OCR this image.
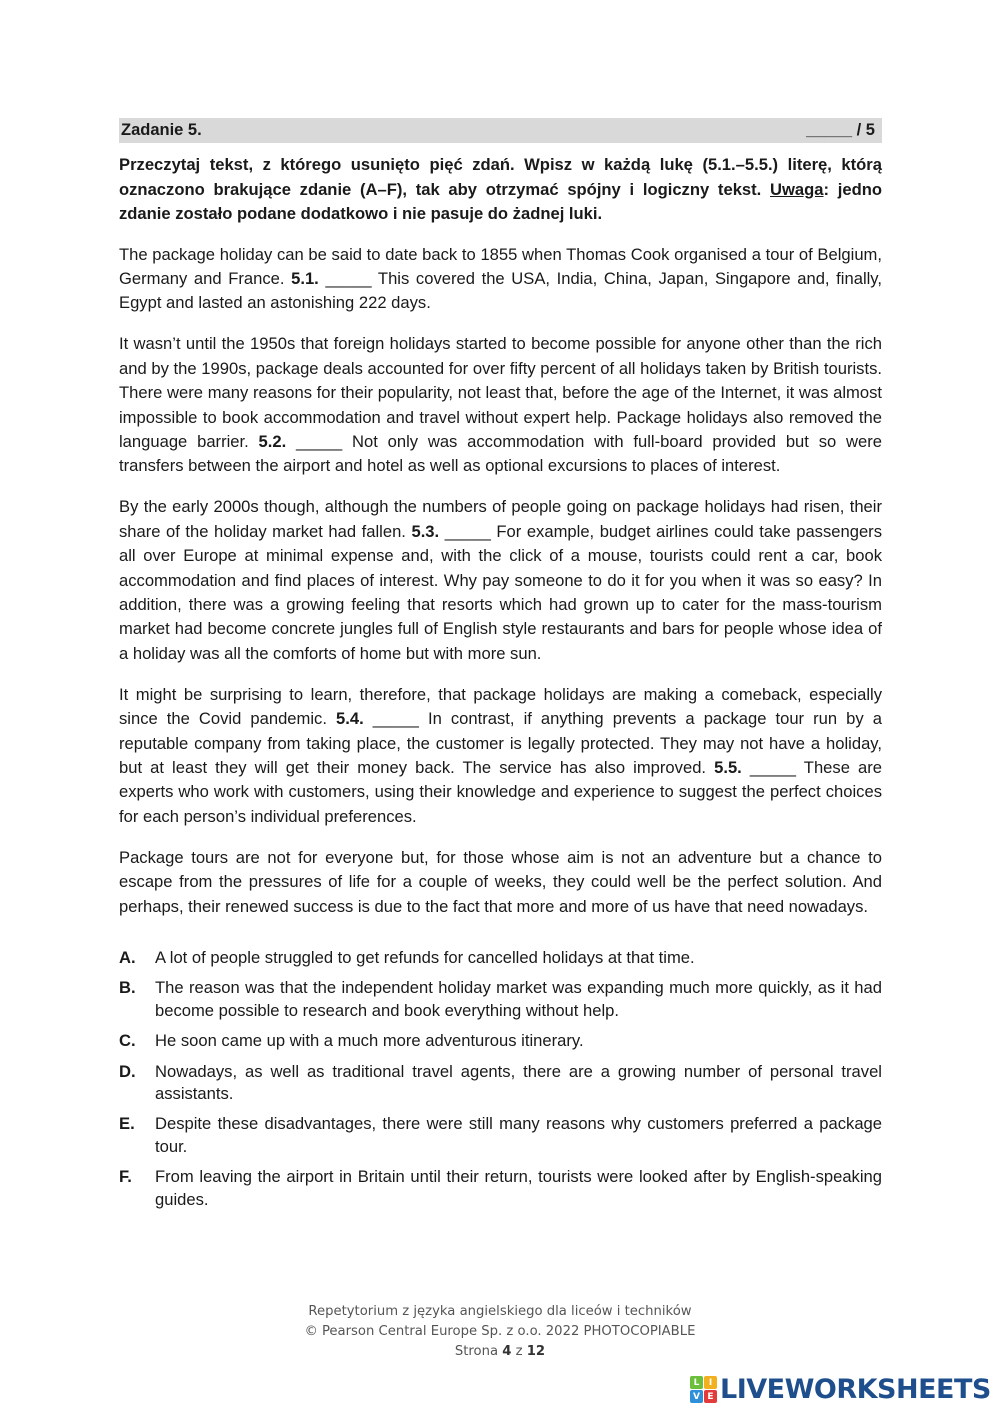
Zadanie 5.	_____ / 5
Przeczytaj tekst, z którego usunięto pięć zdań. Wpisz w każdą lukę (5.1.–5.5.) literę, którą oznaczono brakujące zdanie (A–F), tak aby otrzymać spójny i logiczny tekst. Uwaga: jedno zdanie zostało podane dodatkowo i nie pasuje do żadnej luki.

The package holiday can be said to date back to 1855 when Thomas Cook organised a tour of Belgium, Germany and France. 5.1. _____ This covered the USA, India, China, Japan, Singapore and, finally, Egypt and lasted an astonishing 222 days.

It wasn’t until the 1950s that foreign holidays started to become possible for anyone other than the rich and by the 1990s, package deals accounted for over fifty percent of all holidays taken by British tourists. There were many reasons for their popularity, not least that, before the age of the Internet, it was almost impossible to book accommodation and travel without expert help. Package holidays also removed the language barrier. 5.2. _____ Not only was accommodation with full-board provided but so were transfers between the airport and hotel as well as optional excursions to places of interest.

By the early 2000s though, although the numbers of people going on package holidays had risen, their share of the holiday market had fallen. 5.3. _____ For example, budget airlines could take passengers all over Europe at minimal expense and, with the click of a mouse, tourists could rent a car, book accommodation and find places of interest. Why pay someone to do it for you when it was so easy? In addition, there was a growing feeling that resorts which had grown up to cater for the mass-tourism market had become concrete jungles full of English style restaurants and bars for people whose idea of a holiday was all the comforts of home but with more sun.

It might be surprising to learn, therefore, that package holidays are making a comeback, especially since the Covid pandemic. 5.4. _____ In contrast, if anything prevents a package tour run by a reputable company from taking place, the customer is legally protected. They may not have a holiday, but at least they will get their money back. The service has also improved. 5.5. _____ These are experts who work with customers, using their knowledge and experience to suggest the perfect choices for each person’s individual preferences.

Package tours are not for everyone but, for those whose aim is not an adventure but a chance to escape from the pressures of life for a couple of weeks, they could well be the perfect solution. And perhaps, their renewed success is due to the fact that more and more of us have that need nowadays.

A.	A lot of people struggled to get refunds for cancelled holidays at that time.
B.	The reason was that the independent holiday market was expanding much more quickly, as it had become possible to research and book everything without help.
C.	He soon came up with a much more adventurous itinerary.
D.	Nowadays, as well as traditional travel agents, there are a growing number of personal travel assistants.
E.	Despite these disadvantages, there were still many reasons why customers preferred a package tour.
F.	From leaving the airport in Britain until their return, tourists were looked after by English-speaking guides.
Repetytorium z języka angielskiego dla liceów i techników
© Pearson Central Europe Sp. z o.o. 2022 PHOTOCOPIABLE
Strona 4 z 12
L	I
V E LIVEWORKSHEETS
